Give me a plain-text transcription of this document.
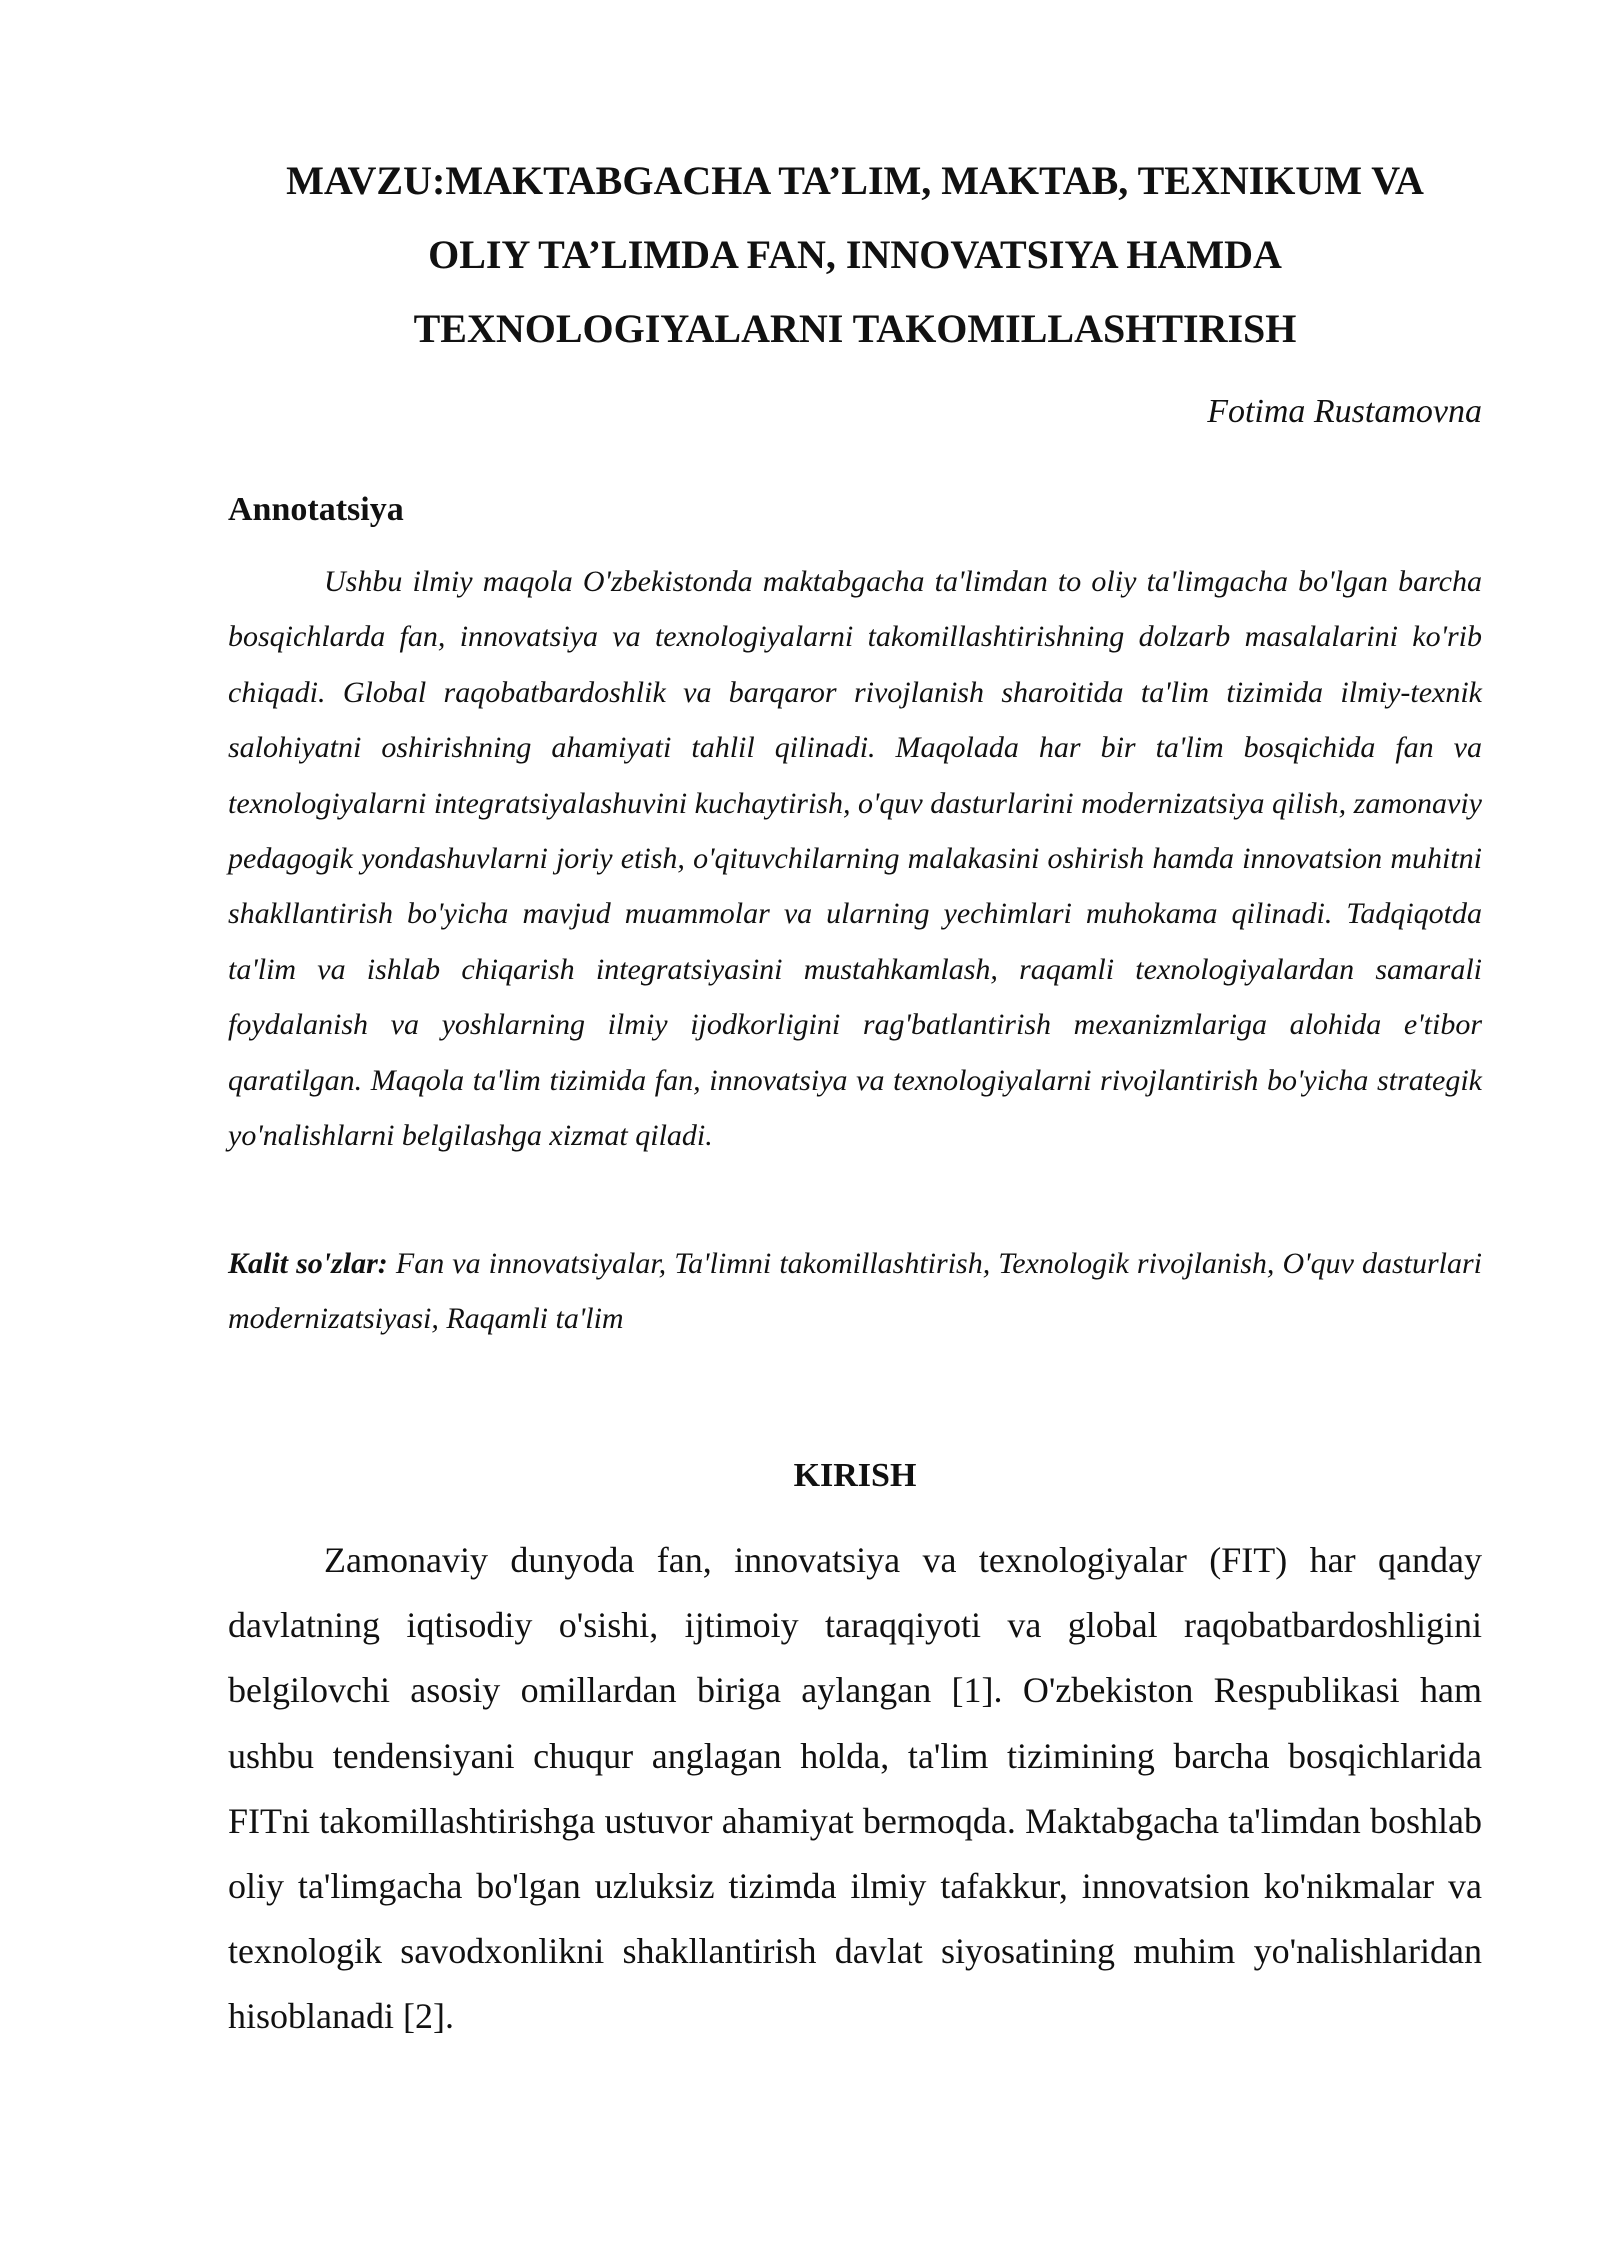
MAVZU:MAKTABGACHA TA’LIM, MAKTAB, TEXNIKUM VA
OLIY TA’LIMDA FAN, INNOVATSIYA HAMDA
TEXNOLOGIYALARNI TAKOMILLASHTIRISH

Fotima Rustamovna

Annotatsiya

Ushbu ilmiy maqola O'zbekistonda maktabgacha ta'limdan to oliy ta'limgacha bo'lgan barcha bosqichlarda fan, innovatsiya va texnologiyalarni takomillashtirishning dolzarb masalalarini ko'rib chiqadi. Global raqobatbardoshlik va barqaror rivojlanish sharoitida ta'lim tizimida ilmiy-texnik salohiyatni oshirishning ahamiyati tahlil qilinadi. Maqolada har bir ta'lim bosqichida fan va texnologiyalarni integratsiyalashuvini kuchaytirish, o'quv dasturlarini modernizatsiya qilish, zamonaviy pedagogik yondashuvlarni joriy etish, o'qituvchilarning malakasini oshirish hamda innovatsion muhitni shakllantirish bo'yicha mavjud muammolar va ularning yechimlari muhokama qilinadi. Tadqiqotda ta'lim va ishlab chiqarish integratsiyasini mustahkamlash, raqamli texnologiyalardan samarali foydalanish va yoshlarning ilmiy ijodkorligini rag'batlantirish mexanizmlariga alohida e'tibor qaratilgan. Maqola ta'lim tizimida fan, innovatsiya va texnologiyalarni rivojlantirish bo'yicha strategik yo'nalishlarni belgilashga xizmat qiladi.

Kalit so'zlar: Fan va innovatsiyalar, Ta'limni takomillashtirish, Texnologik rivojlanish, O'quv dasturlari modernizatsiyasi, Raqamli ta'lim

KIRISH

Zamonaviy dunyoda fan, innovatsiya va texnologiyalar (FIT) har qanday davlatning iqtisodiy o'sishi, ijtimoiy taraqqiyoti va global raqobatbardoshligini belgilovchi asosiy omillardan biriga aylangan [1]. O'zbekiston Respublikasi ham ushbu tendensiyani chuqur anglagan holda, ta'lim tizimining barcha bosqichlarida FITni takomillashtirishga ustuvor ahamiyat bermoqda. Maktabgacha ta'limdan boshlab oliy ta'limgacha bo'lgan uzluksiz tizimda ilmiy tafakkur, innovatsion ko'nikmalar va texnologik savodxonlikni shakllantirish davlat siyosatining muhim yo'nalishlaridan hisoblanadi [2].
